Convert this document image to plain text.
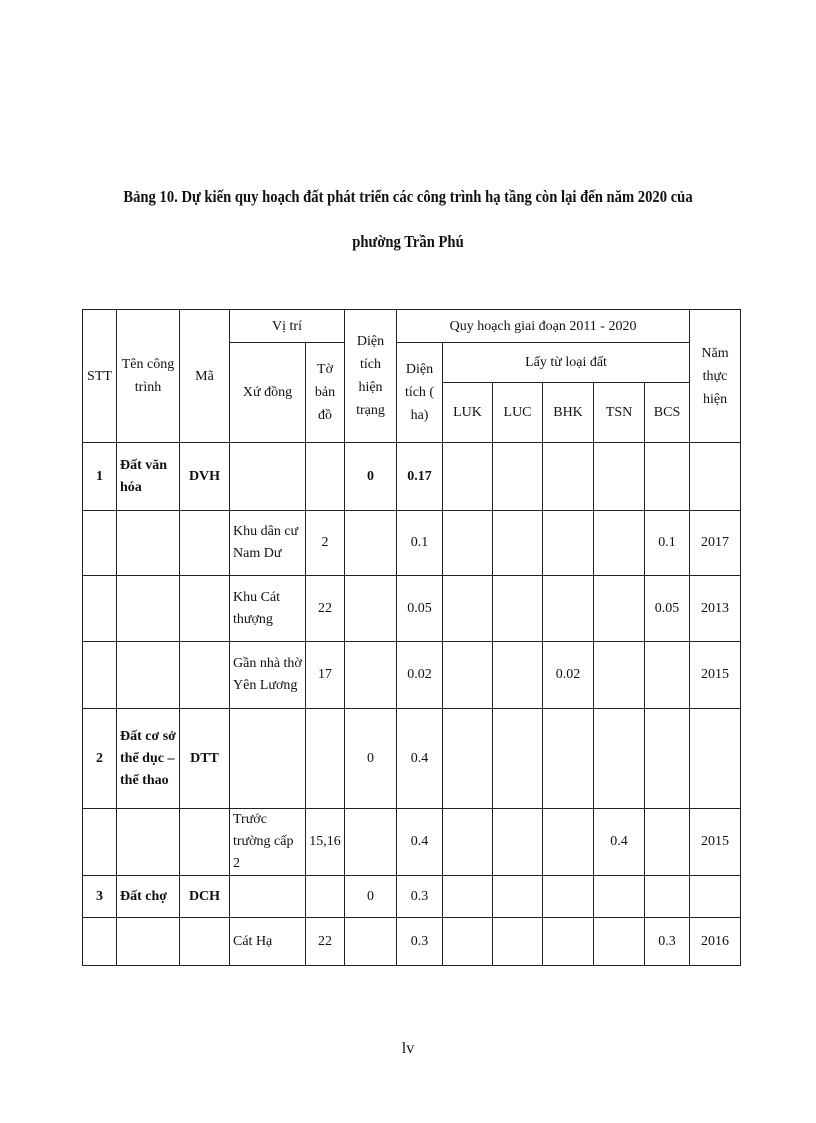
Bảng 10. Dự kiến quy hoạch đất phát triển các công trình hạ tầng còn lại đến năm 2020 của
phường Trần Phú
STT	Tên công trình	Mã	Vị trí		Diện tích hiện trạng	Quy hoạch giai đoạn 2011 - 2020						Năm thực hiện
			Xứ đồng	Tờ bản đồ		Diện tích ( ha)	Lấy từ loại đất					
							LUK	LUC	BHK	TSN	BCS	
1	Đất văn hóa	DVH			0	0.17						
			Khu dân cư Nam Dư	2		0.1					0.1	2017
			Khu Cát thượng	22		0.05					0.05	2013
			Gần nhà thờ Yên Lương	17		0.02			0.02			2015
2	Đất cơ sở thể dục – thể thao	DTT			0	0.4						
			Trước trường cấp 2	15,16		0.4				0.4		2015
3	Đất chợ	DCH			0	0.3						
			Cát Hạ	22		0.3					0.3	2016
lv
